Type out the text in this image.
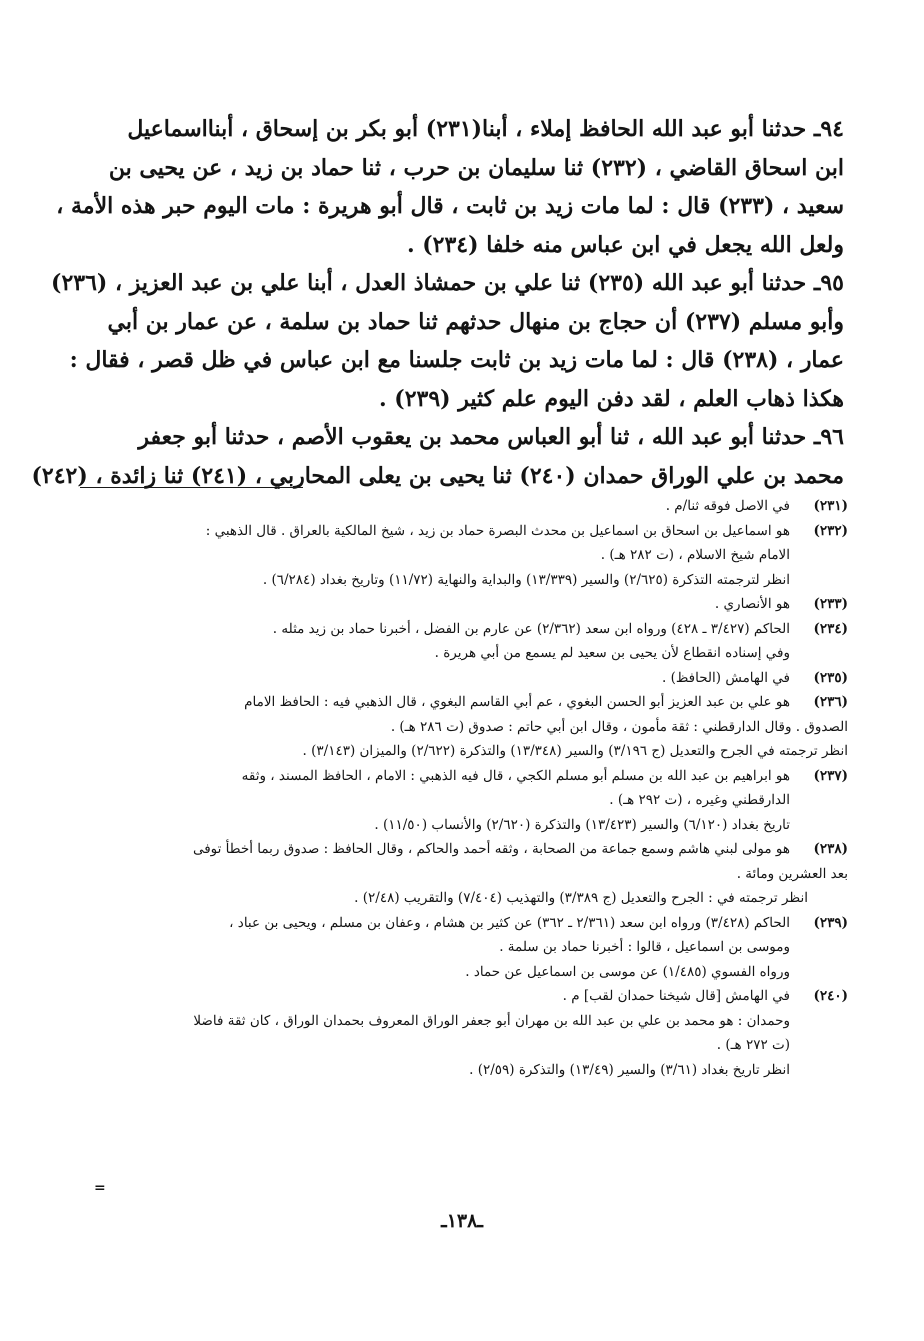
٩٤ـ حدثنا أبو عبد الله الحافظ إملاء ، أبنا(٢٣١) أبو بكر بن إسحاق ، أبنااسماعيل
ابن اسحاق القاضي ، (٢٣٢) ثنا سليمان بن حرب ، ثنا حماد بن زيد ، عن يحيى بن
سعيد ، (٢٣٣) قال : لما مات زيد بن ثابت ، قال أبو هريرة : مات اليوم حبر هذه الأمة ،
ولعل الله يجعل في ابن عباس منه خلفا (٢٣٤) .
٩٥ـ حدثنا أبو عبد الله (٢٣٥) ثنا علي بن حمشاذ العدل ، أبنا علي بن عبد العزيز ، (٢٣٦)
وأبو مسلم (٢٣٧) أن حجاج بن منهال حدثهم ثنا حماد بن سلمة ، عن عمار بن أبي
عمار ، (٢٣٨) قال : لما مات زيد بن ثابت جلسنا مع ابن عباس في ظل قصر ، فقال :
هكذا ذهاب العلم ، لقد دفن اليوم علم كثير (٢٣٩) .
٩٦ـ حدثنا أبو عبد الله ، ثنا أبو العباس محمد بن يعقوب الأصم ، حدثنا أبو جعفر
محمد بن علي الوراق حمدان (٢٤٠) ثنا يحيى بن يعلى المحاربي ، (٢٤١) ثنا زائدة ، (٢٤٢)
(٢٣١)في الاصل فوقه ثنا/م .
(٢٣٢)هو اسماعيل بن اسحاق بن اسماعيل بن محدث البصرة حماد بن زيد ، شيخ المالكية بالعراق . قال الذهبي :
الامام شيخ الاسلام ، (ت ٢٨٢ هـ) .
انظر لترجمته التذكرة (٢/٦٢٥) والسير (١٣/٣٣٩) والبداية والنهاية (١١/٧٢) وتاريخ بغداد (٦/٢٨٤) .
(٢٣٣)هو الأنصاري .
(٢٣٤)الحاكم (٣/٤٢٧ ـ ٤٢٨) ورواه ابن سعد (٢/٣٦٢) عن عارم بن الفضل ، أخبرنا حماد بن زيد مثله .
وفي إسناده انقطاع لأن يحيى بن سعيد لم يسمع من أبي هريرة .
(٢٣٥)في الهامش (الحافظ) .
(٢٣٦)هو علي بن عبد العزيز أبو الحسن البغوي ، عم أبي القاسم البغوي ، قال الذهبي فيه : الحافظ الامام
الصدوق . وقال الدارقطني : ثقة مأمون ، وقال ابن أبي حاتم : صدوق (ت ٢٨٦ هـ) .
انظر ترجمته في الجرح والتعديل (ج ٣/١٩٦) والسير (١٣/٣٤٨) والتذكرة (٢/٦٢٢) والميزان (٣/١٤٣) .
(٢٣٧)هو ابراهيم بن عبد الله بن مسلم أبو مسلم الكجي ، قال فيه الذهبي : الامام ، الحافظ المسند ، وثقه
الدارقطني وغيره ، (ت ٢٩٢ هـ) .
تاريخ بغداد (٦/١٢٠) والسير (١٣/٤٢٣) والتذكرة (٢/٦٢٠) والأنساب (١١/٥٠) .
(٢٣٨)هو مولى لبني هاشم وسمع جماعة من الصحابة ، وثقه أحمد والحاكم ، وقال الحافظ : صدوق ربما أخطأ توفى
بعد العشرين ومائة .
انظر ترجمته في : الجرح والتعديل (ج ٣/٣٨٩) والتهذيب (٧/٤٠٤) والتقريب (٢/٤٨) .
(٢٣٩)الحاكم (٣/٤٢٨) ورواه ابن سعد (٢/٣٦١ ـ ٣٦٢) عن كثير بن هشام ، وعفان بن مسلم ، ويحيى بن عباد ،
وموسى بن اسماعيل ، قالوا : أخبرنا حماد بن سلمة .
ورواه الفسوي (١/٤٨٥) عن موسى بن اسماعيل عن حماد .
(٢٤٠)في الهامش [قال شيخنا حمدان لقب] م .
وحمدان : هو محمد بن علي بن عبد الله بن مهران أبو جعفر الوراق المعروف بحمدان الوراق ، كان ثقة فاضلا
(ت ٢٧٢ هـ) .
انظر تاريخ بغداد (٣/٦١) والسير (١٣/٤٩) والتذكرة (٢/٥٩) .
=
ـ١٣٨ـ
